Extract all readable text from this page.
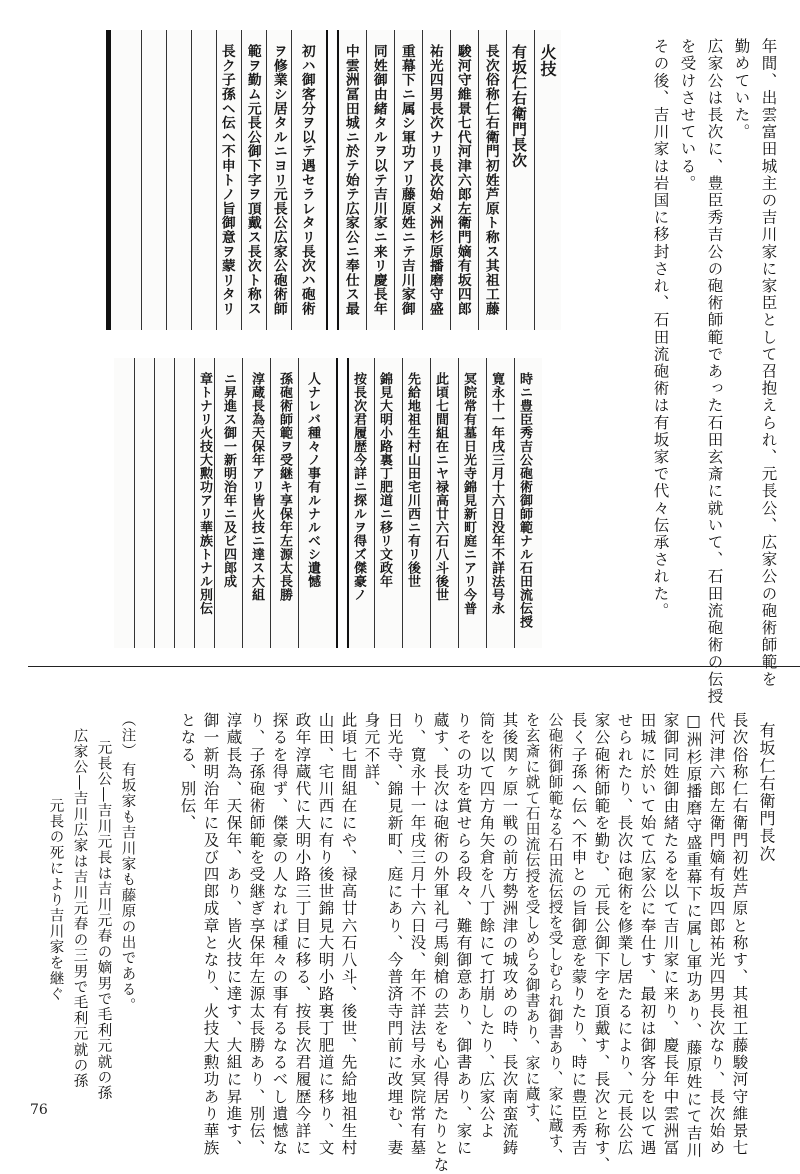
火技
有坂仁右衛門長次
長次俗称仁右衛門初姓芦原ト称ス其祖工藤
駿河守維景七代河津六郎左衛門嫡有坂四郎
祐光四男長次ナリ長次始メ洲杉原播磨守盛
重幕下ニ属シ軍功アリ藤原姓ニテ吉川家御
同姓御由緒タルヲ以テ吉川家ニ来リ慶長年
中雲洲冨田城ニ於テ始テ広家公ニ奉仕ス最
初ハ御客分ヲ以テ遇セラレタリ長次ハ砲術
ヲ修業シ居タルニヨリ元長公広家公砲術師
範ヲ勤ム元長公御下字ヲ頂戴ス長次ト称ス
長ク子孫ヘ伝ヘ不申トノ旨御意ヲ蒙リタリ
時ニ豊臣秀吉公砲術御師範ナル石田流伝授
寛永十一年戌三月十六日没年不詳法号永
冥院常有墓日光寺錦見新町庭ニアリ今普
此頃七間組在ニヤ禄高廿六石八斗後世
先給地祖生村山田宅川西ニ有リ後世
錦見大明小路裏丁肥道ニ移リ文政年
按長次君履歴今詳ニ探ルヲ得ズ傑豪ノ
人ナレバ種々ノ事有ルナルベシ遺憾
孫砲術師範ヲ受継キ享保年左源太長勝
淳蔵長為天保年アリ皆火技ニ達ス大組
ニ昇進ス御一新明治年ニ及ビ四郎成
章トナリ火技大勲功アリ華族トナル別伝	年間、出雲富田城主の吉川家に家臣として召抱えられ、元長公、広家公の砲術師範を
勤めていた。
広家公は長次に、豊臣秀吉公の砲術師範であった石田玄斎に就いて、石田流砲術の伝授
を受けさせている。
その後、吉川家は岩国に移封され、石田流砲術は有坂家で代々伝承された。
有坂仁右衛門長次
長次俗称仁右衛門初姓芦原と称す、其祖工藤駿河守維景七
代河津六郎左衛門嫡有坂四郎祐光四男長次なり、長次始め
□洲杉原播磨守盛重幕下に属し軍功あり、藤原姓にて吉川
家御同姓御由緒たるを以て吉川家に来り、慶長年中雲洲冨
田城に於いて始て広家公に奉仕す、最初は御客分を以て遇
せられたり、長次は砲術を修業し居たるにより、元長公広
家公砲術師範を勤む、元長公御下字を頂戴す、長次と称す、
長く子孫へ伝へ不申との旨御意を蒙りたり、時に豊臣秀吉
公砲術御師範なる石田流伝授を受しむられ御書あり、家に蔵す、
を玄斎に就て石田流伝授を受しめらる御書あり、家に蔵す、
其後関ヶ原一戦の前方勢洲津の城攻めの時、長次南蛮流鋳
筒を以て四方角矢倉を八丁餘にて打崩したり、広家公よ
りその功を賞せらる段々、難有御意あり、御書あり、家に
蔵す、長次は砲術の外軍礼弓馬剣槍の芸をも心得居たりとな
り、寛永十一年戌三月十六日没、年不詳法号永冥院常有墓
日光寺、錦見新町、庭にあり、今普済寺門前に改埋む、妻
身元不詳、
此頃七間組在にや、禄高廿六石八斗、後世、先給地祖生村
山田、宅川西に有り後世錦見大明小路裏丁肥道に移り、文
政年淳蔵代に大明小路三丁目に移る、按長次君履歴今詳に
探るを得ず、傑豪の人なれば種々の事有るなるべし遺憾な
り、子孫砲術師範を受継ぎ享保年左源太長勝あり、別伝、
淳蔵長為、天保年、あり、皆火技に達す、大組に昇進す、
御一新明治年に及び四郎成章となり、火技大勲功あり華族
となる、別伝、
（注）
有坂家も吉川家も藤原の出である。
元長公―吉川元長は吉川元春の嫡男で毛利元就の孫
広家公―吉川広家は吉川元春の三男で毛利元就の孫
元長の死により吉川家を継ぐ
76
